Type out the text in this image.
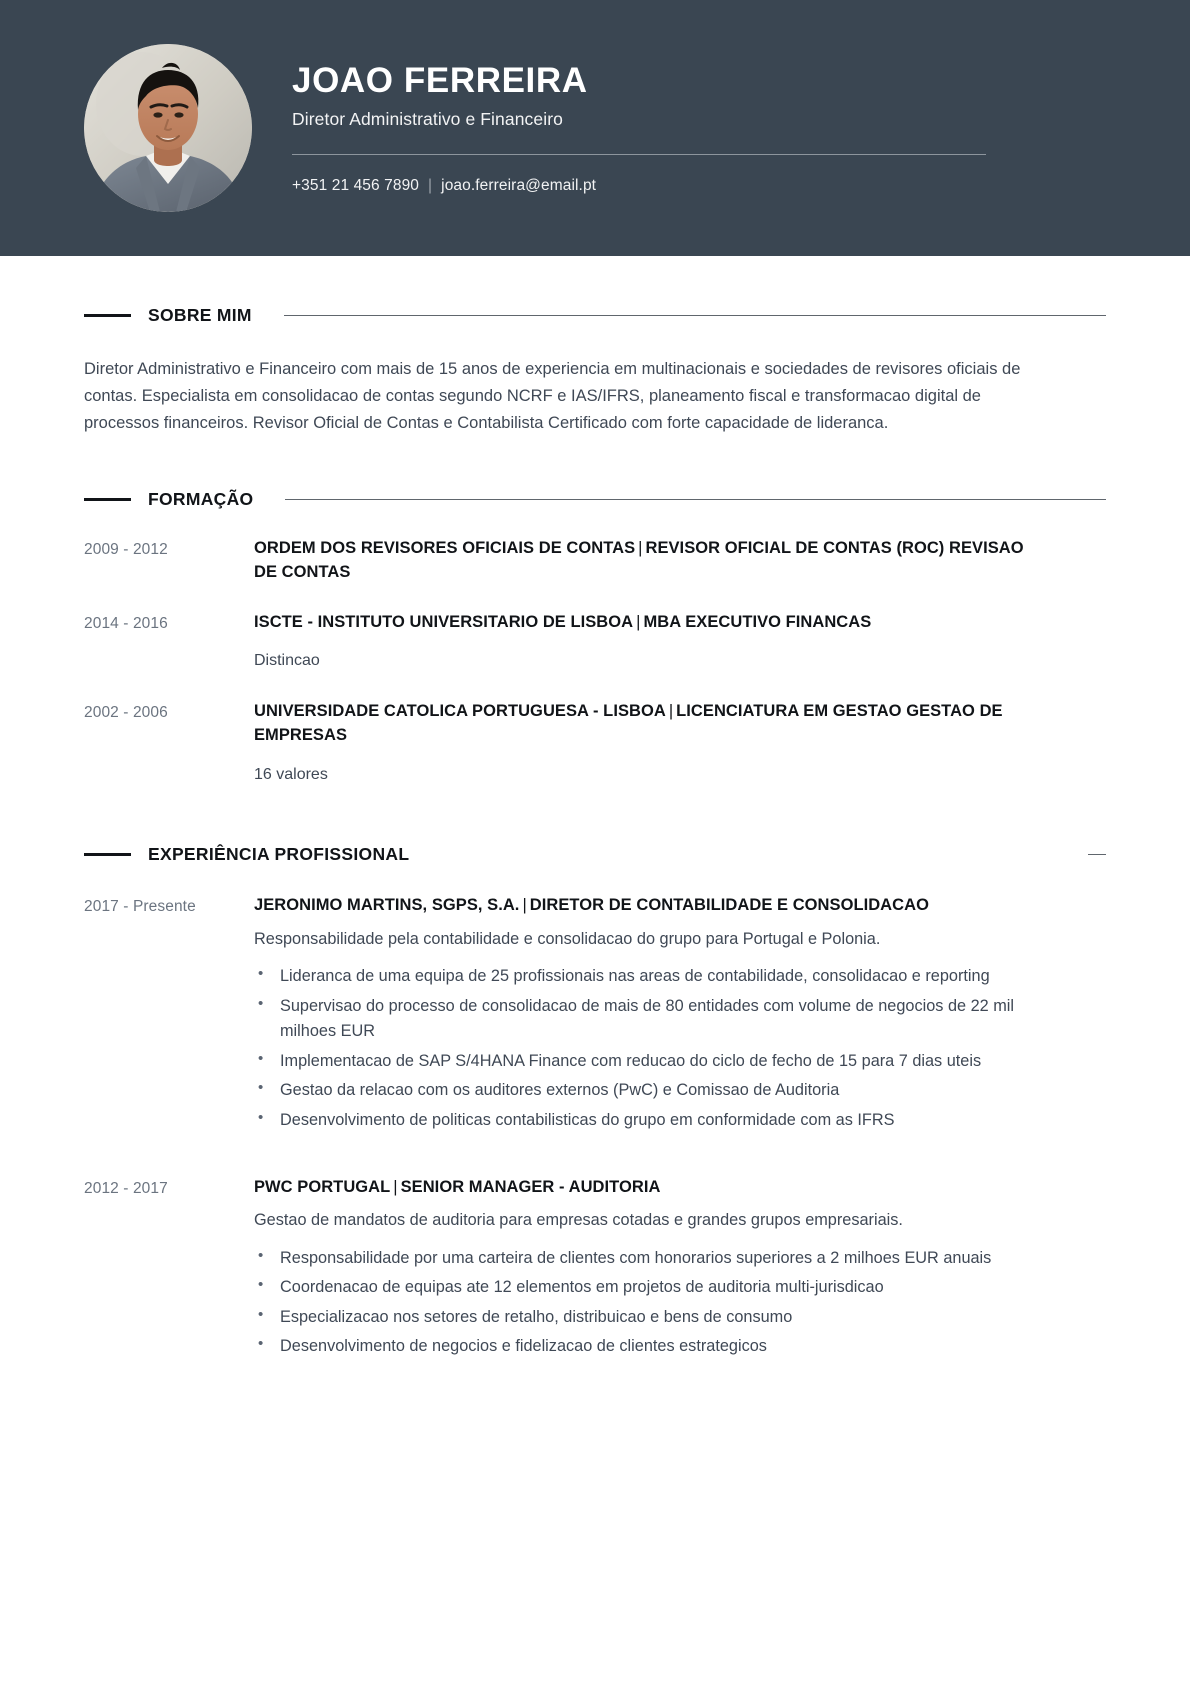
JOAO FERREIRA
Diretor Administrativo e Financeiro
+351 21 456 7890 | joao.ferreira@email.pt
SOBRE MIM

Diretor Administrativo e Financeiro com mais de 15 anos de experiencia em multinacionais e sociedades de revisores oficiais de contas. Especialista em consolidacao de contas segundo NCRF e IAS/IFRS, planeamento fiscal e transformacao digital de processos financeiros. Revisor Oficial de Contas e Contabilista Certificado com forte capacidade de lideranca.

FORMAÇÃO
2009 - 2012	ORDEM DOS REVISORES OFICIAIS DE CONTAS | REVISOR OFICIAL DE CONTAS (ROC) REVISAO DE CONTAS
2014 - 2016	ISCTE - INSTITUTO UNIVERSITARIO DE LISBOA | MBA EXECUTIVO FINANCAS
Distincao
2002 - 2006	UNIVERSIDADE CATOLICA PORTUGUESA - LISBOA | LICENCIATURA EM GESTAO GESTAO DE EMPRESAS
16 valores
EXPERIÊNCIA PROFISSIONAL
2017 - Presente	JERONIMO MARTINS, SGPS, S.A. | DIRETOR DE CONTABILIDADE E CONSOLIDACAO
Responsabilidade pela contabilidade e consolidacao do grupo para Portugal e Polonia.
• Lideranca de uma equipa de 25 profissionais nas areas de contabilidade, consolidacao e reporting
• Supervisao do processo de consolidacao de mais de 80 entidades com volume de negocios de 22 mil milhoes EUR
• Implementacao de SAP S/4HANA Finance com reducao do ciclo de fecho de 15 para 7 dias uteis
• Gestao da relacao com os auditores externos (PwC) e Comissao de Auditoria
• Desenvolvimento de politicas contabilisticas do grupo em conformidade com as IFRS
2012 - 2017	PWC PORTUGAL | SENIOR MANAGER - AUDITORIA
Gestao de mandatos de auditoria para empresas cotadas e grandes grupos empresariais.
• Responsabilidade por uma carteira de clientes com honorarios superiores a 2 milhoes EUR anuais
• Coordenacao de equipas ate 12 elementos em projetos de auditoria multi-jurisdicao
• Especializacao nos setores de retalho, distribuicao e bens de consumo
• Desenvolvimento de negocios e fidelizacao de clientes estrategicos
